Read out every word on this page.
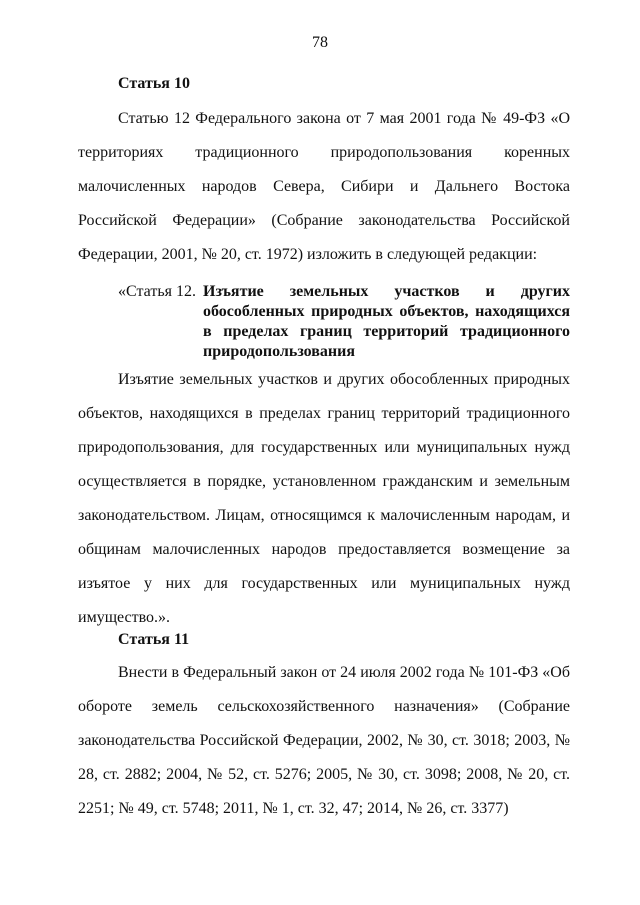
78
Статья 10

Статью 12 Федерального закона от 7 мая 2001 года № 49-ФЗ «О территориях традиционного природопользования коренных малочисленных народов Севера, Сибири и Дальнего Востока Российской Федерации» (Собрание законодательства Российской Федерации, 2001, № 20, ст. 1972) изложить в следующей редакции:

«Статья 12. Изъятие земельных участков и других обособленных природных объектов, находящихся в пределах границ территорий традиционного природопользования

Изъятие земельных участков и других обособленных природных объектов, находящихся в пределах границ территорий традиционного природопользования, для государственных или муниципальных нужд осуществляется в порядке, установленном гражданским и земельным законодательством. Лицам, относящимся к малочисленным народам, и общинам малочисленных народов предоставляется возмещение за изъятое у них для государственных или муниципальных нужд имущество.».

Статья 11

Внести в Федеральный закон от 24 июля 2002 года № 101-ФЗ «Об обороте земель сельскохозяйственного назначения» (Собрание законодательства Российской Федерации, 2002, № 30, ст. 3018; 2003, № 28, ст. 2882; 2004, № 52, ст. 5276; 2005, № 30, ст. 3098; 2008, № 20, ст. 2251; № 49, ст. 5748; 2011, № 1, ст. 32, 47; 2014, № 26, ст. 3377)
